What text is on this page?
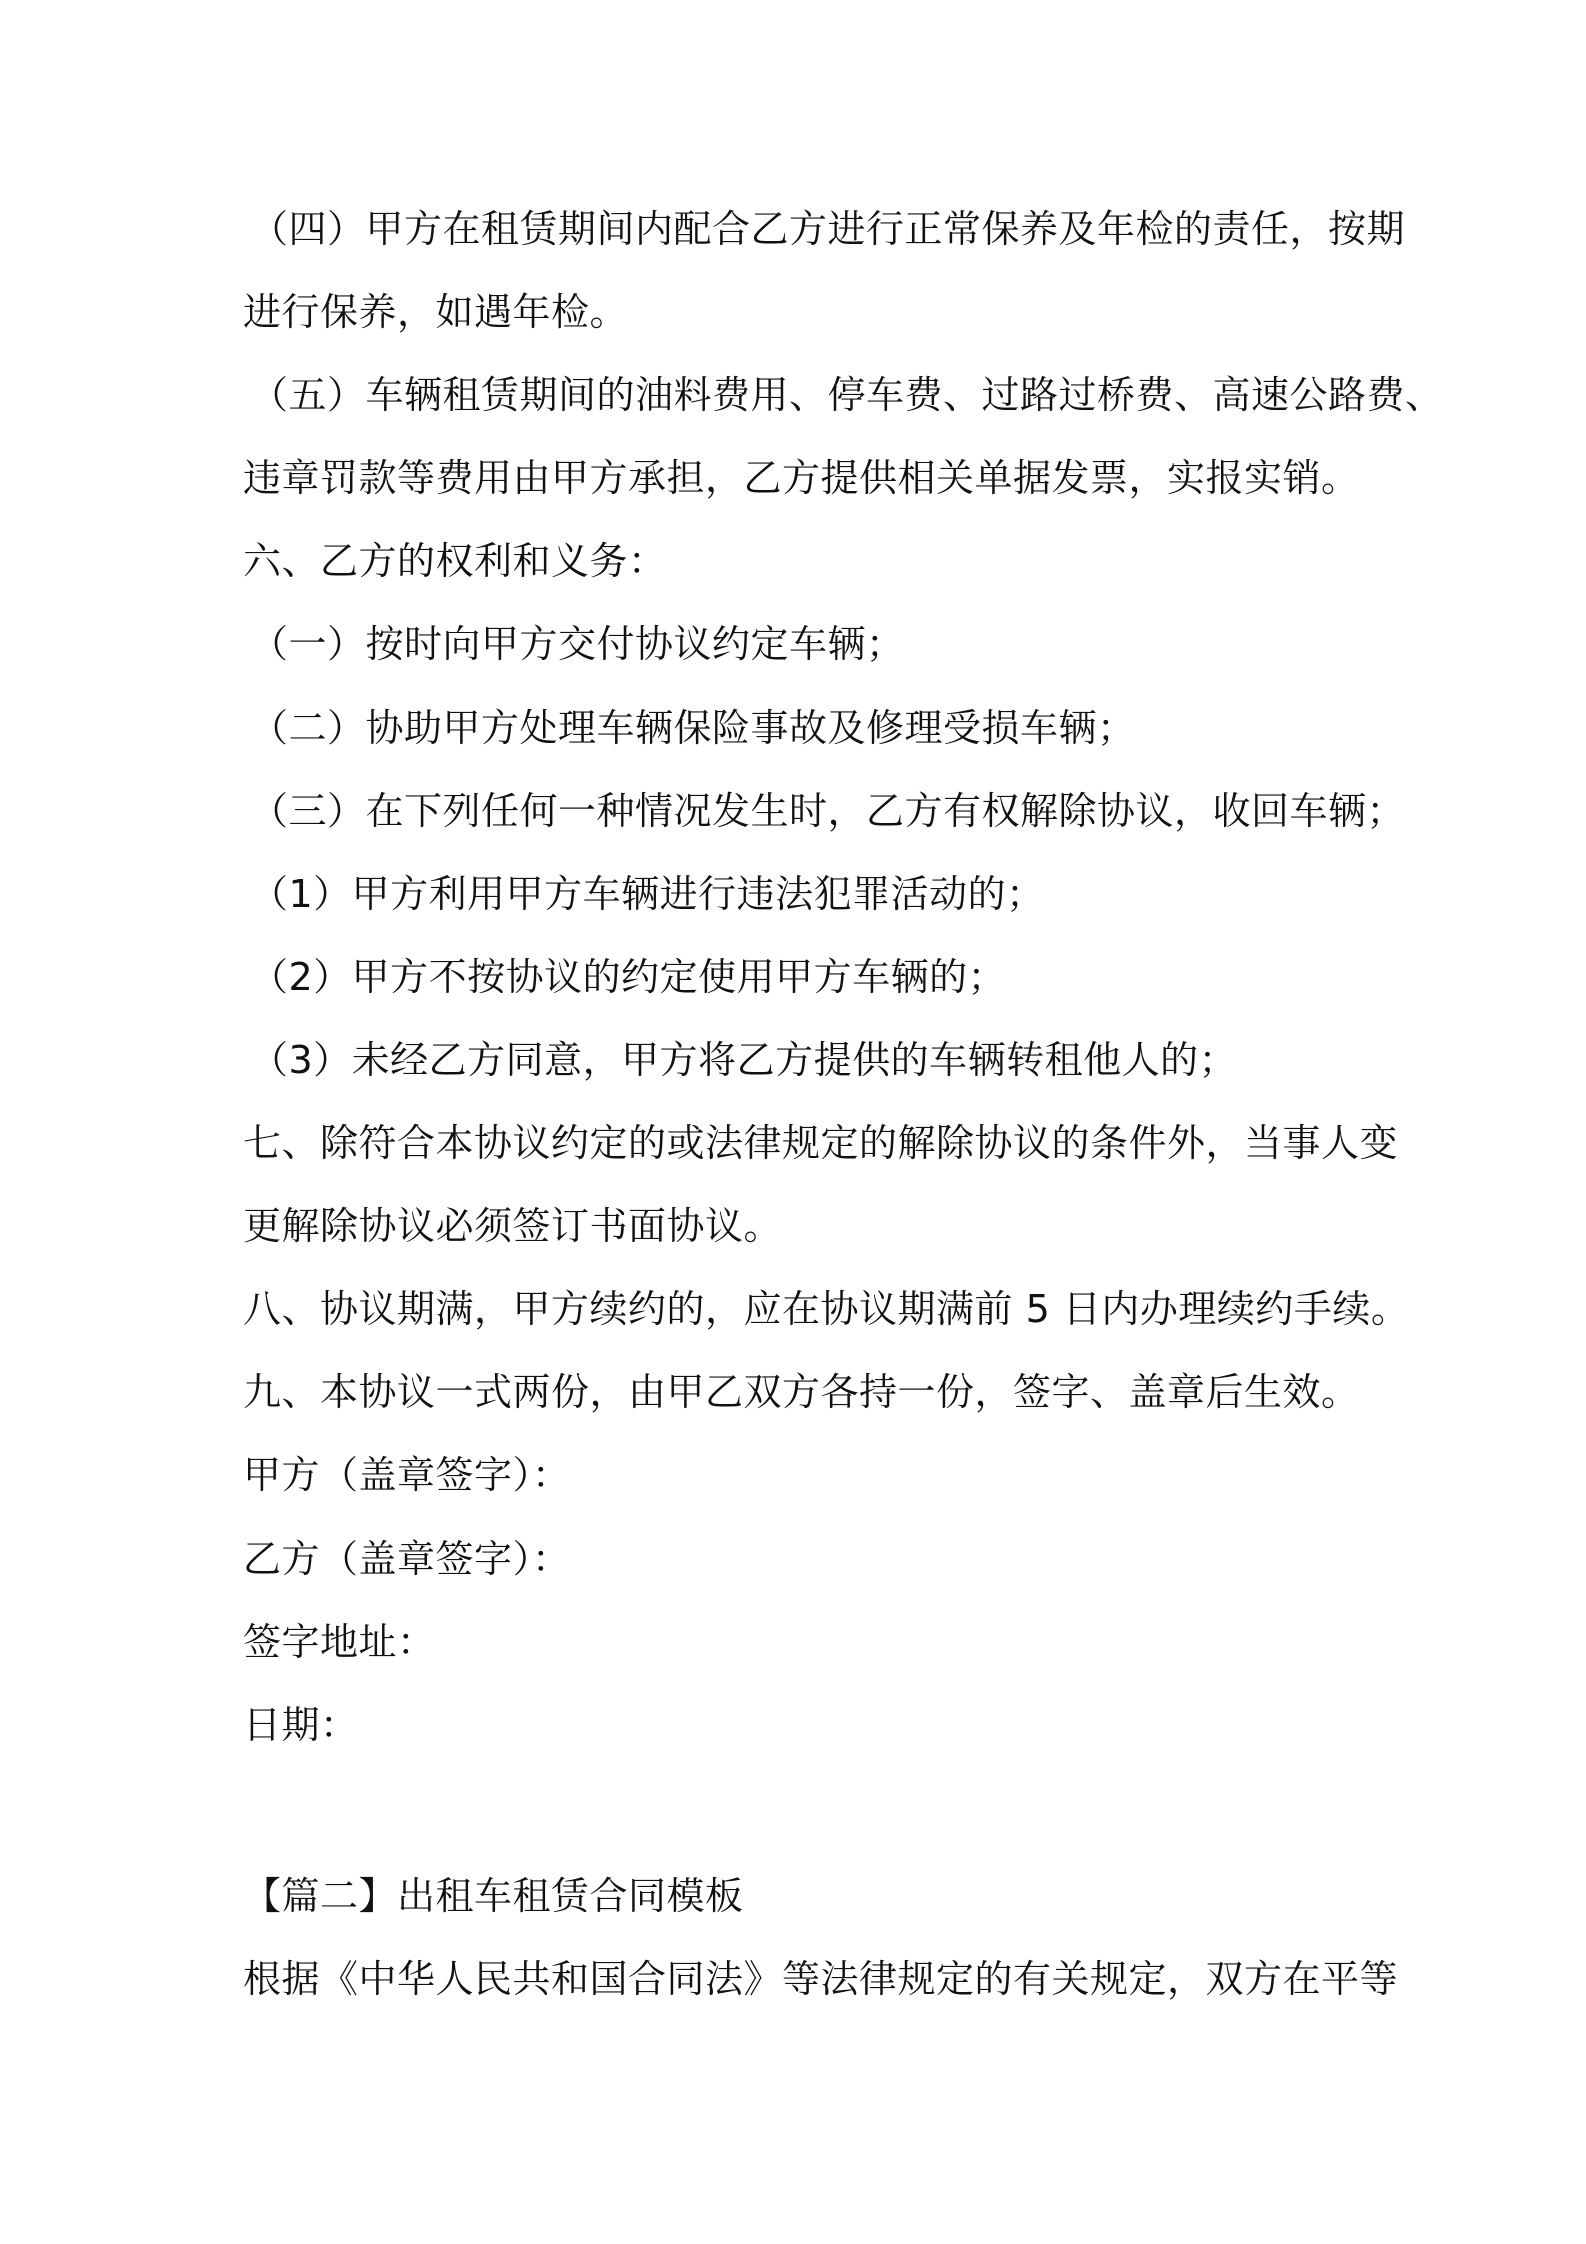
（四）甲方在租赁期间内配合乙方进行正常保养及年检的责任，按期
进行保养，如遇年检。
（五）车辆租赁期间的油料费用、停车费、过路过桥费、高速公路费、
违章罚款等费用由甲方承担，乙方提供相关单据发票，实报实销。
六、乙方的权利和义务：
（一）按时向甲方交付协议约定车辆；
（二）协助甲方处理车辆保险事故及修理受损车辆；
（三）在下列任何一种情况发生时，乙方有权解除协议，收回车辆；
（1）甲方利用甲方车辆进行违法犯罪活动的；
（2）甲方不按协议的约定使用甲方车辆的；
（3）未经乙方同意，甲方将乙方提供的车辆转租他人的；
七、除符合本协议约定的或法律规定的解除协议的条件外，当事人变
更解除协议必须签订书面协议。
八、协议期满，甲方续约的，应在协议期满前 5 日内办理续约手续。
九、本协议一式两份，由甲乙双方各持一份，签字、盖章后生效。
甲方（盖章签字）：
乙方（盖章签字）：
签字地址：
日期：
【篇二】出租车租赁合同模板
根据《中华人民共和国合同法》等法律规定的有关规定，双方在平等
